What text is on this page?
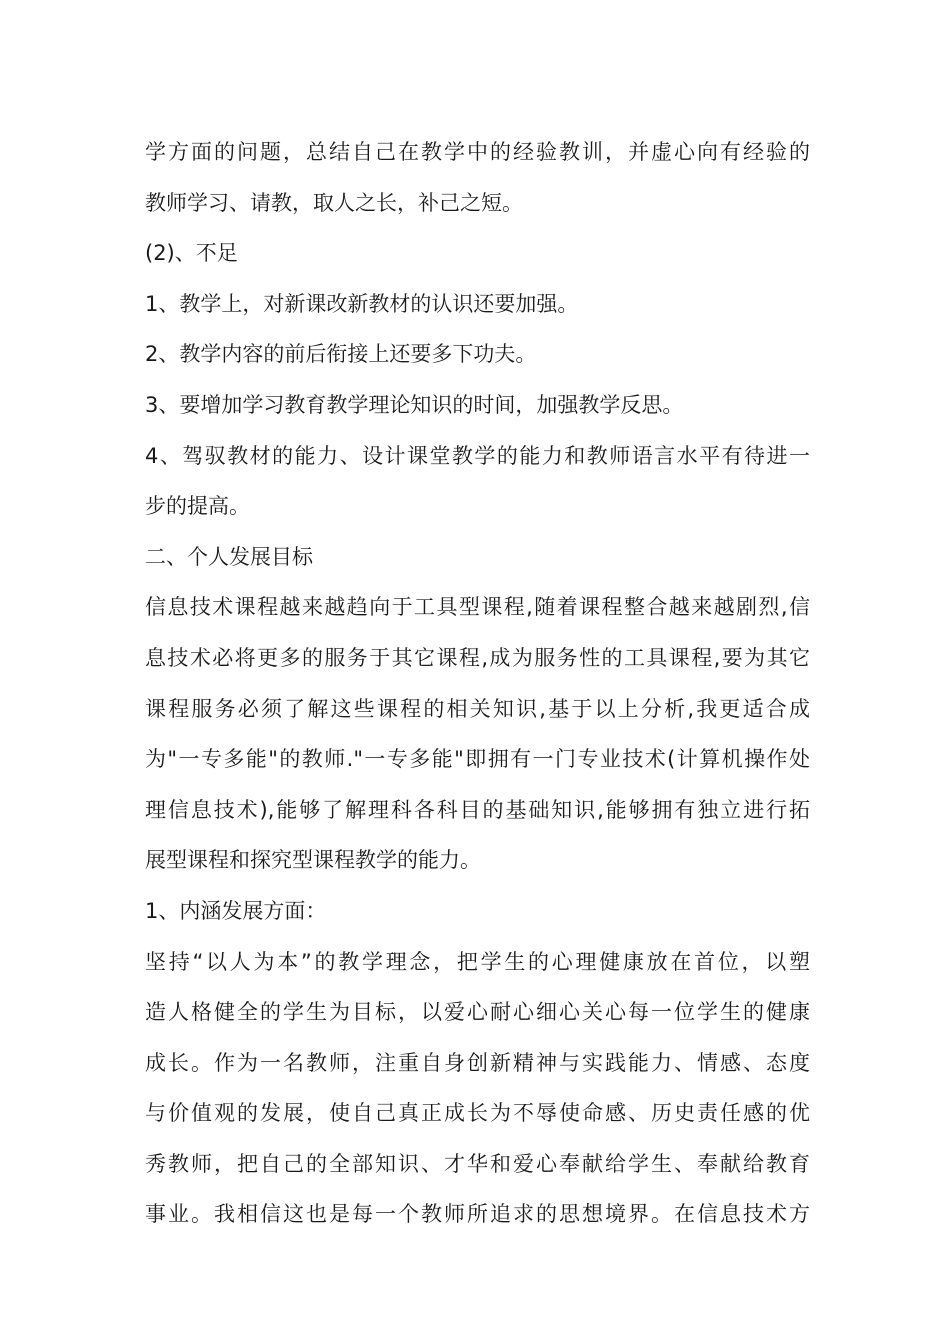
学方面的问题，总结自己在教学中的经验教训，并虚心向有经验的
教师学习、请教，取人之长，补己之短。
(2)、不足
1、教学上，对新课改新教材的认识还要加强。
2、教学内容的前后衔接上还要多下功夫。
3、要增加学习教育教学理论知识的时间，加强教学反思。
4、驾驭教材的能力、设计课堂教学的能力和教师语言水平有待进一
步的提高。
二、个人发展目标
信息技术课程越来越趋向于工具型课程,随着课程整合越来越剧烈,信
息技术必将更多的服务于其它课程,成为服务性的工具课程,要为其它
课程服务必须了解这些课程的相关知识,基于以上分析,我更适合成
为"一专多能"的教师."一专多能"即拥有一门专业技术(计算机操作处
理信息技术),能够了解理科各科目的基础知识,能够拥有独立进行拓
展型课程和探究型课程教学的能力。
1、内涵发展方面：
坚持“以人为本”的教学理念，把学生的心理健康放在首位，以塑
造人格健全的学生为目标，以爱心耐心细心关心每一位学生的健康
成长。作为一名教师，注重自身创新精神与实践能力、情感、态度
与价值观的发展，使自己真正成长为不辱使命感、历史责任感的优
秀教师，把自己的全部知识、才华和爱心奉献给学生、奉献给教育
事业。我相信这也是每一个教师所追求的思想境界。在信息技术方
